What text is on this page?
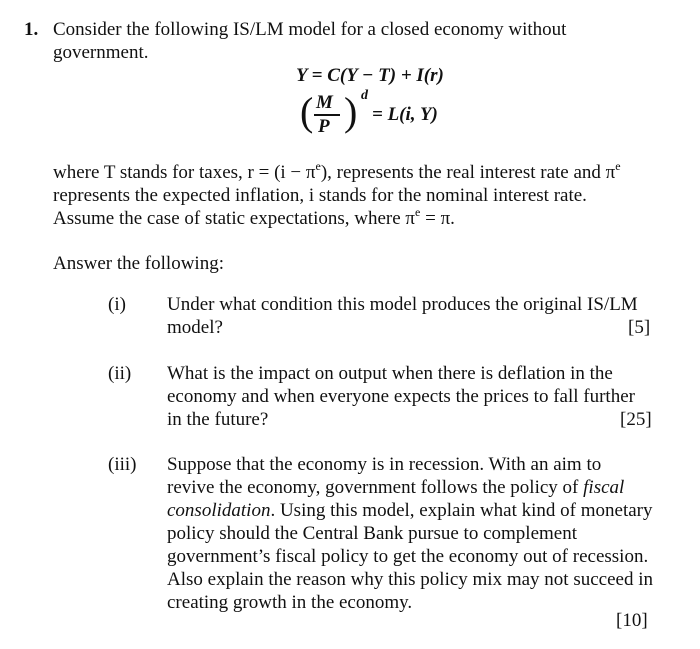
1. Consider the following IS/LM model for a closed economy without
government.
Y = C(Y − T) + I(r)
( M
P ) d
= L(i, Y)
where T stands for taxes, $r = (i - \pi^e)$, represents the real interest rate and $\pi^e$
represents the expected inflation, i stands for the nominal interest rate.
Assume the case of static expectations, where $\pi^e = \pi$.
Answer the following:
(i) Under what condition this model produces the original IS/LM
model?	[5]
(ii) What is the impact on output when there is deflation in the
economy and when everyone expects the prices to fall further
in the future?	[25]
(iii) Suppose that the economy is in recession. With an aim to
revive the economy, government follows the policy of fiscal
consolidation. Using this model, explain what kind of monetary
policy should the Central Bank pursue to complement
government’s fiscal policy to get the economy out of recession.
Also explain the reason why this policy mix may not succeed in
creating growth in the economy.
[10]
